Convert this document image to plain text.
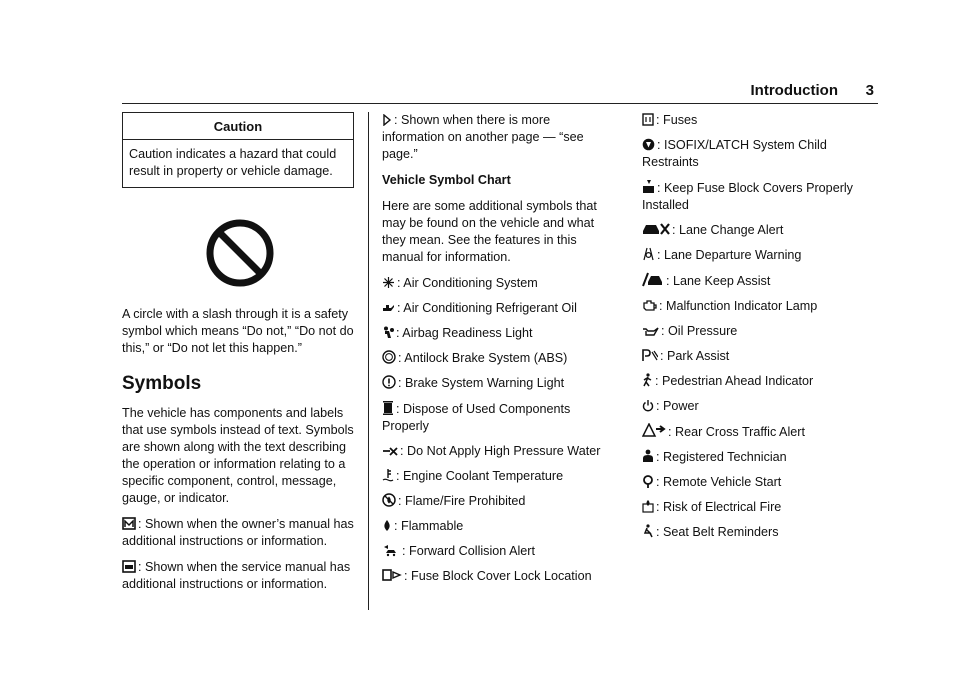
Introduction 3
Caution
Caution indicates a hazard that could result in property or vehicle damage.

A circle with a slash through it is a safety symbol which means “Do not,” “Do not do this,” or “Do not let this happen.”

Symbols

The vehicle has components and labels that use symbols instead of text. Symbols are shown along with the text describing the operation or information relating to a specific component, control, message, gauge, or indicator.

: Shown when the owner’s manual has additional instructions or information.

: Shown when the service manual has additional instructions or information.

: Shown when there is more information on another page — “see page.”

Vehicle Symbol Chart

Here are some additional symbols that may be found on the vehicle and what they mean. See the features in this manual for information.

: Air Conditioning System
: Air Conditioning Refrigerant Oil
: Airbag Readiness Light
: Antilock Brake System (ABS)
: Brake System Warning Light
: Dispose of Used Components Properly
: Do Not Apply High Pressure Water
: Engine Coolant Temperature
: Flame/Fire Prohibited
: Flammable
: Forward Collision Alert
: Fuse Block Cover Lock Location
: Fuses
: ISOFIX/LATCH System Child Restraints
: Keep Fuse Block Covers Properly Installed
: Lane Change Alert
: Lane Departure Warning
: Lane Keep Assist
: Malfunction Indicator Lamp
: Oil Pressure
: Park Assist
: Pedestrian Ahead Indicator
: Power
: Rear Cross Traffic Alert
: Registered Technician
: Remote Vehicle Start
: Risk of Electrical Fire
: Seat Belt Reminders
